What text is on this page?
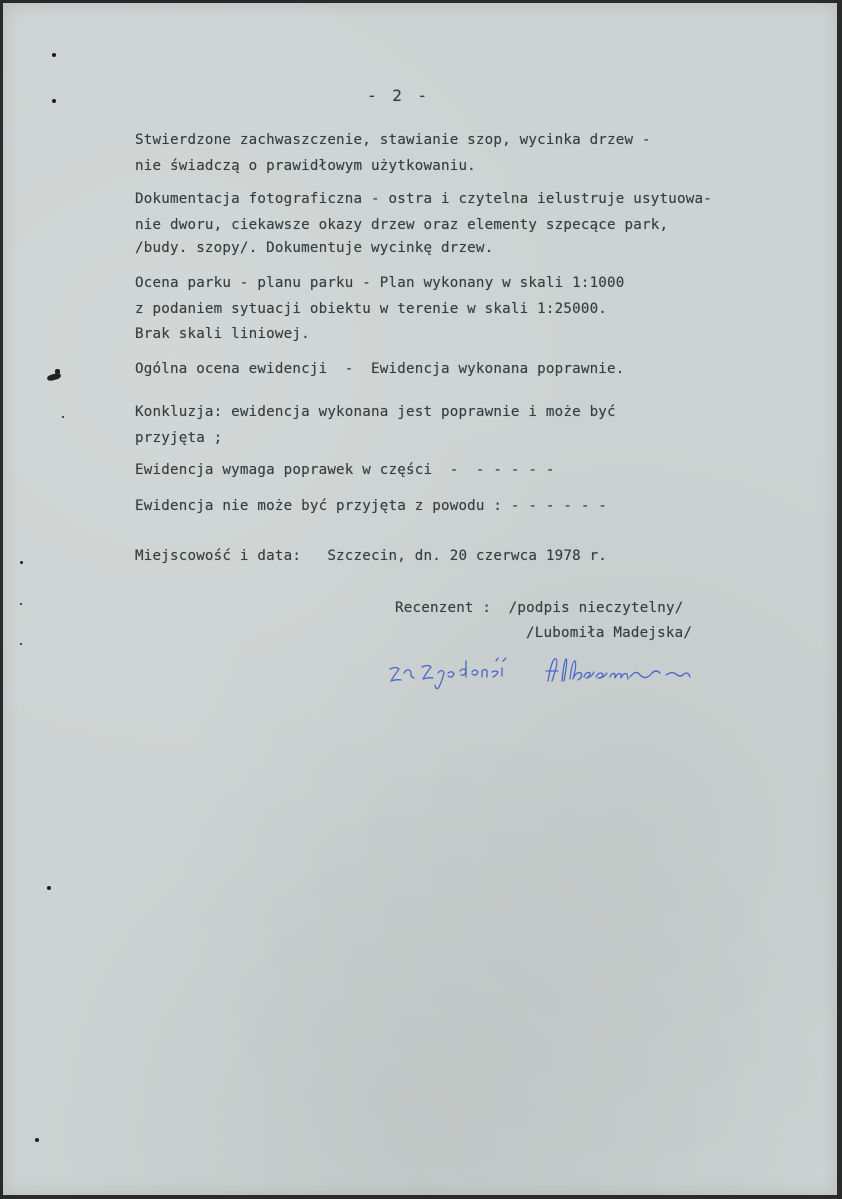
- 2 -
Stwierdzone zachwaszczenie, stawianie szop, wycinka drzew -
nie świadczą o prawidłowym użytkowaniu.
Dokumentacja fotograficzna - ostra i czytelna ielustruje usytuowa-
nie dworu, ciekawsze okazy drzew oraz elementy szpecące park,
/budy. szopy/. Dokumentuje wycinkę drzew.
Ocena parku - planu parku - Plan wykonany w skali 1:1000
z podaniem sytuacji obiektu w terenie w skali 1:25000.
Brak skali liniowej.
Ogólna ocena ewidencji  -  Ewidencja wykonana poprawnie.
Konkluzja: ewidencja wykonana jest poprawnie i może być
przyjęta ;
Ewidencja wymaga poprawek w części  -  - - - - -
Ewidencja nie może być przyjęta z powodu : - - - - - -
Miejscowość i data:   Szczecin, dn. 20 czerwca 1978 r.
Recenzent :  /podpis nieczytelny/
/Lubomiła Madejska/
